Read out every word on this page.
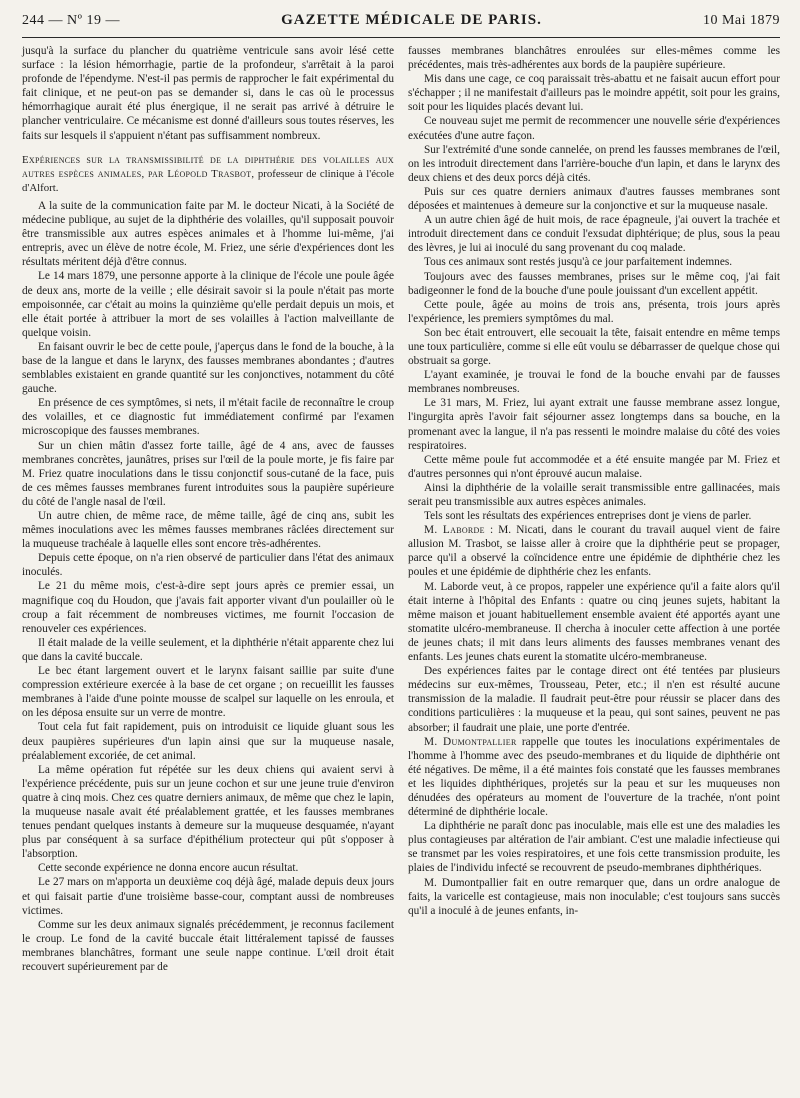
244 — Nº 19 —	GAZETTE MÉDICALE DE PARIS.	10 Mai 1879

jusqu'à la surface du plancher du quatrième ventricule sans avoir lésé cette surface : la lésion hémorrhagie, partie de la profondeur, s'arrêtait à la paroi profonde de l'épendyme. N'est-il pas permis de rapprocher le fait expérimental du fait clinique, et ne peut-on pas se demander si, dans le cas où le processus hémorrhagique aurait été plus énergique, il ne serait pas arrivé à détruire le plancher ventriculaire. Ce mécanisme est donné d'ailleurs sous toutes réserves, les faits sur lesquels il s'appuient n'étant pas suffisamment nombreux.

Expériences sur la transmissibilité de la diphthérie des volailles aux autres espèces animales, par Léopold Trasbot, professeur de clinique à l'école d'Alfort.

A la suite de la communication faite par M. le docteur Nicati, à la Société de médecine publique, au sujet de la diphthérie des volailles, qu'il supposait pouvoir être transmissible aux autres espèces animales et à l'homme lui-même, j'ai entrepris, avec un élève de notre école, M. Friez, une série d'expériences dont les résultats méritent déjà d'être connus.

Le 14 mars 1879, une personne apporte à la clinique de l'école une poule âgée de deux ans, morte de la veille ; elle désirait savoir si la poule n'était pas morte empoisonnée, car c'était au moins la quinzième qu'elle perdait depuis un mois, et elle était portée à attribuer la mort de ses volailles à l'action malveillante de quelque voisin.

En faisant ouvrir le bec de cette poule, j'aperçus dans le fond de la bouche, à la base de la langue et dans le larynx, des fausses membranes abondantes ; d'autres semblables existaient en grande quantité sur les conjonctives, notamment du côté gauche.

En présence de ces symptômes, si nets, il m'était facile de reconnaître le croup des volailles, et ce diagnostic fut immédiatement confirmé par l'examen microscopique des fausses membranes.

Sur un chien mâtin d'assez forte taille, âgé de 4 ans, avec de fausses membranes concrètes, jaunâtres, prises sur l'œil de la poule morte, je fis faire par M. Friez quatre inoculations dans le tissu conjonctif sous-cutané de la face, puis de ces mêmes fausses membranes furent introduites sous la paupière supérieure du côté de l'angle nasal de l'œil.

Un autre chien, de même race, de même taille, âgé de cinq ans, subit les mêmes inoculations avec les mêmes fausses membranes râclées directement sur la muqueuse trachéale à laquelle elles sont encore très-adhérentes.

Depuis cette époque, on n'a rien observé de particulier dans l'état des animaux inoculés.

Le 21 du même mois, c'est-à-dire sept jours après ce premier essai, un magnifique coq du Houdon, que j'avais fait apporter vivant d'un poulailler où le croup a fait récemment de nombreuses victimes, me fournit l'occasion de renouveler ces expériences.

Il était malade de la veille seulement, et la diphthérie n'était apparente chez lui que dans la cavité buccale.

Le bec étant largement ouvert et le larynx faisant saillie par suite d'une compression extérieure exercée à la base de cet organe ; on recueillit les fausses membranes à l'aide d'une pointe mousse de scalpel sur laquelle on les enroula, et on les déposa ensuite sur un verre de montre.

Tout cela fut fait rapidement, puis on introduisit ce liquide gluant sous les deux paupières supérieures d'un lapin ainsi que sur la muqueuse nasale, préalablement excoriée, de cet animal.

La même opération fut répétée sur les deux chiens qui avaient servi à l'expérience précédente, puis sur un jeune cochon et sur une jeune truie d'environ quatre à cinq mois. Chez ces quatre derniers animaux, de même que chez le lapin, la muqueuse nasale avait été préalablement grattée, et les fausses membranes tenues pendant quelques instants à demeure sur la muqueuse desquamée, n'ayant plus par conséquent à sa surface d'épithélium protecteur qui pût s'opposer à l'absorption.

Cette seconde expérience ne donna encore aucun résultat.

Le 27 mars on m'apporta un deuxième coq déjà âgé, malade depuis deux jours et qui faisait partie d'une troisième basse-cour, comptant aussi de nombreuses victimes.

Comme sur les deux animaux signalés précédemment, je reconnus facilement le croup. Le fond de la cavité buccale était littéralement tapissé de fausses membranes blanchâtres, formant une seule nappe continue. L'œil droit était recouvert supérieurement par de

fausses membranes blanchâtres enroulées sur elles-mêmes comme les précédentes, mais très-adhérentes aux bords de la paupière supérieure.

Mis dans une cage, ce coq paraissait très-abattu et ne faisait aucun effort pour s'échapper ; il ne manifestait d'ailleurs pas le moindre appétit, soit pour les grains, soit pour les liquides placés devant lui.

Ce nouveau sujet me permit de recommencer une nouvelle série d'expériences exécutées d'une autre façon.

Sur l'extrémité d'une sonde cannelée, on prend les fausses membranes de l'œil, on les introduit directement dans l'arrière-bouche d'un lapin, et dans le larynx des deux chiens et des deux porcs déjà cités.

Puis sur ces quatre derniers animaux d'autres fausses membranes sont déposées et maintenues à demeure sur la conjonctive et sur la muqueuse nasale.

A un autre chien âgé de huit mois, de race épagneule, j'ai ouvert la trachée et introduit directement dans ce conduit l'exsudat diphtérique; de plus, sous la peau des lèvres, je lui ai inoculé du sang provenant du coq malade.

Tous ces animaux sont restés jusqu'à ce jour parfaitement indemnes.

Toujours avec des fausses membranes, prises sur le même coq, j'ai fait badigeonner le fond de la bouche d'une poule jouissant d'un excellent appétit.

Cette poule, âgée au moins de trois ans, présenta, trois jours après l'expérience, les premiers symptômes du mal.

Son bec était entrouvert, elle secouait la tête, faisait entendre en même temps une toux particulière, comme si elle eût voulu se débarrasser de quelque chose qui obstruait sa gorge.

L'ayant examinée, je trouvai le fond de la bouche envahi par de fausses membranes nombreuses.

Le 31 mars, M. Friez, lui ayant extrait une fausse membrane assez longue, l'ingurgita après l'avoir fait séjourner assez longtemps dans sa bouche, en la promenant avec la langue, il n'a pas ressenti le moindre malaise du côté des voies respiratoires.

Cette même poule fut accommodée et a été ensuite mangée par M. Friez et d'autres personnes qui n'ont éprouvé aucun malaise.

Ainsi la diphthérie de la volaille serait transmissible entre gallinacées, mais serait peu transmissible aux autres espèces animales.

Tels sont les résultats des expériences entreprises dont je viens de parler.

M. Laborde : M. Nicati, dans le courant du travail auquel vient de faire allusion M. Trasbot, se laisse aller à croire que la diphthérie peut se propager, parce qu'il a observé la coïncidence entre une épidémie de diphthérie chez les poules et une épidémie de diphthérie chez les enfants.

M. Laborde veut, à ce propos, rappeler une expérience qu'il a faite alors qu'il était interne à l'hôpital des Enfants : quatre ou cinq jeunes sujets, habitant la même maison et jouant habituellement ensemble avaient été apportés ayant une stomatite ulcéro-membraneuse. Il chercha à inoculer cette affection à une portée de jeunes chats; il mit dans leurs aliments des fausses membranes venant des enfants. Les jeunes chats eurent la stomatite ulcéro-membraneuse.

Des expériences faites par le contage direct ont été tentées par plusieurs médecins sur eux-mêmes, Trousseau, Peter, etc.; il n'en est résulté aucune transmission de la maladie. Il faudrait peut-être pour réussir se placer dans des conditions particulières : la muqueuse et la peau, qui sont saines, peuvent ne pas absorber; il faudrait une plaie, une porte d'entrée.

M. Dumontpallier rappelle que toutes les inoculations expérimentales de l'homme à l'homme avec des pseudo-membranes et du liquide de diphthérie ont été négatives. De même, il a été maintes fois constaté que les fausses membranes et les liquides diphthériques, projetés sur la peau et sur les muqueuses non dénudées des opérateurs au moment de l'ouverture de la trachée, n'ont point déterminé de diphthérie locale.

La diphthérie ne paraît donc pas inoculable, mais elle est une des maladies les plus contagieuses par altération de l'air ambiant. C'est une maladie infectieuse qui se transmet par les voies respiratoires, et une fois cette transmission produite, les plaies de l'individu infecté se recouvrent de pseudo-membranes diphthériques.

M. Dumontpallier fait en outre remarquer que, dans un ordre analogue de faits, la varicelle est contagieuse, mais non inoculable; c'est toujours sans succès qu'il a inoculé à de jeunes enfants, in-
